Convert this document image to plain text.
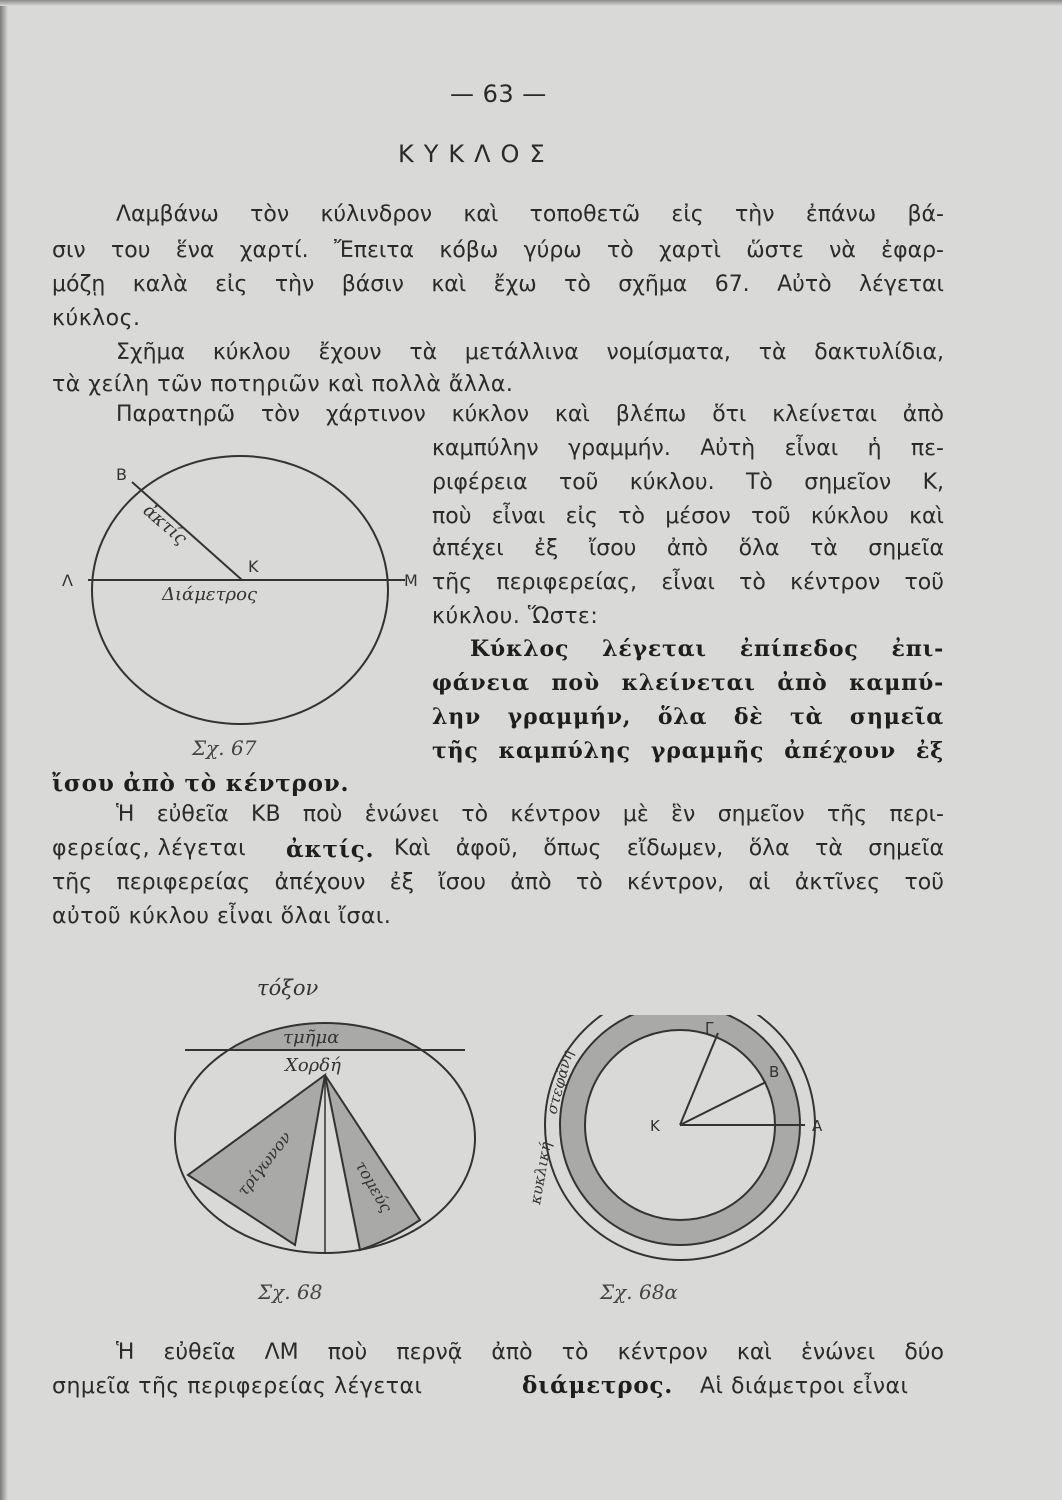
— 63 —
ΚΥΚΛΟΣ
Λαμβάνω τὸν κύλινδρον καὶ τοποθετῶ εἰς τὴν ἐπάνω βά-
σιν του ἕνα χαρτί. Ἔπειτα κόβω γύρω τὸ χαρτὶ ὥστε νὰ ἐφαρ-
μόζῃ καλὰ εἰς τὴν βάσιν καὶ ἔχω τὸ σχῆμα 67. Αὐτὸ λέγεται
κύκλος.
Σχῆμα κύκλου ἔχουν τὰ μετάλλινα νομίσματα, τὰ δακτυλίδια,
τὰ χείλη τῶν ποτηριῶν καὶ πολλὰ ἄλλα.
Παρατηρῶ τὸν χάρτινον κύκλον καὶ βλέπω ὅτι κλείνεται ἀπὸ
καμπύλην γραμμήν. Αὐτὴ εἶναι ἡ πε-
ριφέρεια τοῦ κύκλου. Τὸ σημεῖον Κ,
ποὺ εἶναι εἰς τὸ μέσον τοῦ κύκλου καὶ
ἀπέχει ἐξ ἴσου ἀπὸ ὅλα τὰ σημεῖα
τῆς περιφερείας, εἶναι τὸ κέντρον τοῦ
κύκλου. Ὥστε:
Κύκλος λέγεται ἐπίπεδος ἐπι-
φάνεια ποὺ κλείνεται ἀπὸ καμπύ-
λην γραμμήν, ὅλα δὲ τὰ σημεῖα
τῆς καμπύλης γραμμῆς ἀπέχουν ἐξ
ἴσου ἀπὸ τὸ κέντρον.
Ἡ εὐθεῖα ΚΒ ποὺ ἑνώνει τὸ κέντρον μὲ ἓν σημεῖον τῆς περι-
φερείας, λέγεται ἀκτίς. Καὶ ἀφοῦ, ὅπως εἴδωμεν, ὅλα τὰ σημεῖα
τῆς περιφερείας ἀπέχουν ἐξ ἴσου ἀπὸ τὸ κέντρον, αἱ ἀκτῖνες τοῦ
αὐτοῦ κύκλου εἶναι ὅλαι ἴσαι.
Ἡ εὐθεῖα ΛΜ ποὺ περνᾷ ἀπὸ τὸ κέντρον καὶ ἑνώνει δύο
σημεῖα τῆς περιφερείας λέγεται	διάμετρος. Αἱ διάμετροι εἶναι
B
K
Λ	M
ἀκτίς
Διάμετρος
Σχ. 67
τόξον
τμῆμα
Χορδή
τρίγωνον	τομεύς
Σχ. 68
K	A
B
Γ
στεφάνη
κυκλική
Σχ. 68α
